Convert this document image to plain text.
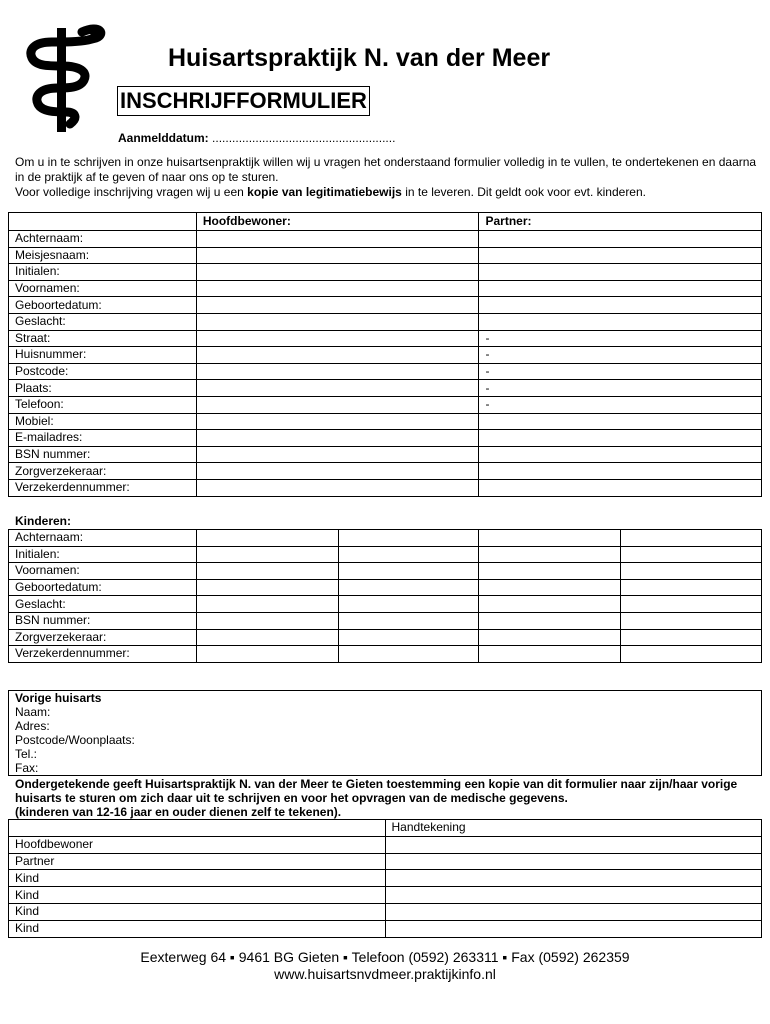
Huisartspraktijk N. van der Meer
INSCHRIJFFORMULIER
Aanmelddatum: .......................................................

Om u in te schrijven in onze huisartsenpraktijk willen wij u vragen het onderstaand formulier volledig in te vullen, te ondertekenen en daarna in de praktijk af te geven of naar ons op te sturen.

Voor volledige inschrijving vragen wij u een kopie van legitimatiebewijs in te leveren. Dit geldt ook voor evt. kinderen.

	Hoofdbewoner:	Partner:
Achternaam:		
Meisjesnaam:		
Initialen:		
Voornamen:		
Geboortedatum:		
Geslacht:		
Straat:		-
Huisnummer:		-
Postcode:		-
Plaats:		-
Telefoon:		-
Mobiel:		
E-mailadres:		
BSN nummer:		
Zorgverzekeraar:		
Verzekerdennummer:		
Kinderen:
Achternaam:				
Initialen:				
Voornamen:				
Geboortedatum:				
Geslacht:				
BSN nummer:				
Zorgverzekeraar:				
Verzekerdennummer:				
Vorige huisarts
Naam:
Adres:
Postcode/Woonplaats:
Tel.:
Fax:
Ondergetekende geeft Huisartspraktijk N. van der Meer te Gieten toestemming een kopie van dit formulier naar zijn/haar vorige huisarts te sturen om zich daar uit te schrijven en voor het opvragen van de medische gegevens.
(kinderen van 12-16 jaar en ouder dienen zelf te tekenen).
	Handtekening
Hoofdbewoner	
Partner	
Kind	
Kind	
Kind	
Kind	
Eexterweg 64 ▪ 9461 BG Gieten ▪ Telefoon (0592) 263311 ▪ Fax (0592) 262359
www.huisartsnvdmeer.praktijkinfo.nl
